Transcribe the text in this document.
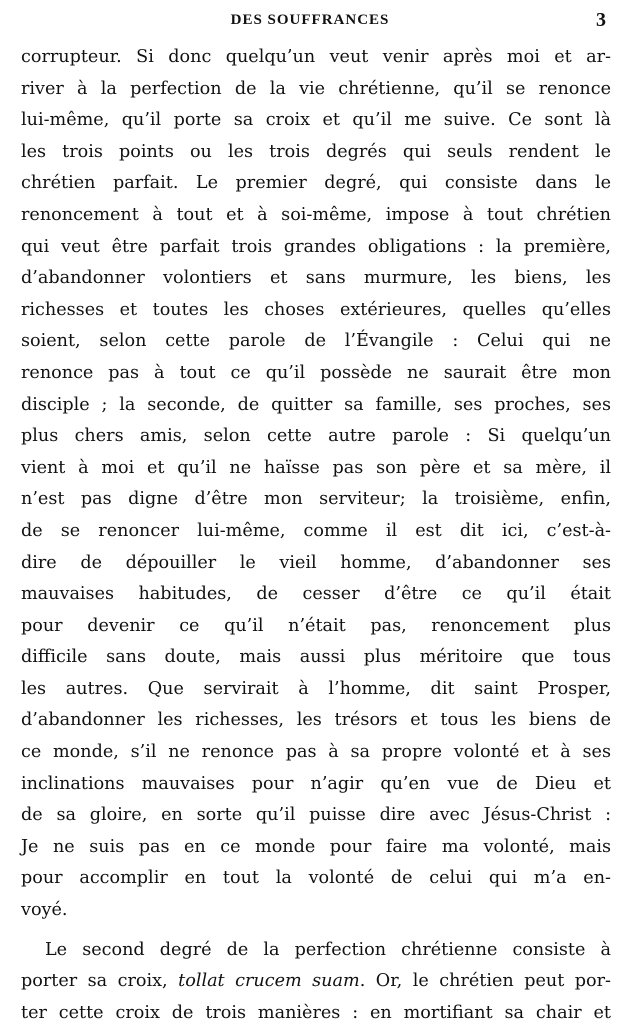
DES SOUFFRANCES	3
corrupteur. Si donc quelqu’un veut venir après moi et ar-
river à la perfection de la vie chrétienne, qu’il se renonce
lui-même, qu’il porte sa croix et qu’il me suive. Ce sont là
les trois points ou les trois degrés qui seuls rendent le
chrétien parfait. Le premier degré, qui consiste dans le
renoncement à tout et à soi-même, impose à tout chrétien
qui veut être parfait trois grandes obligations : la première,
d’abandonner volontiers et sans murmure, les biens, les
richesses et toutes les choses extérieures, quelles qu’elles
soient, selon cette parole de l’Évangile : Celui qui ne
renonce pas à tout ce qu’il possède ne saurait être mon
disciple ; la seconde, de quitter sa famille, ses proches, ses
plus chers amis, selon cette autre parole : Si quelqu’un
vient à moi et qu’il ne haïsse pas son père et sa mère, il
n’est pas digne d’être mon serviteur; la troisième, enfin,
de se renoncer lui-même, comme il est dit ici, c’est-à-
dire de dépouiller le vieil homme, d’abandonner ses
mauvaises habitudes, de cesser d’être ce qu’il était
pour devenir ce qu’il n’était pas, renoncement plus
difficile sans doute, mais aussi plus méritoire que tous
les autres. Que servirait à l’homme, dit saint Prosper,
d’abandonner les richesses, les trésors et tous les biens de
ce monde, s’il ne renonce pas à sa propre volonté et à ses
inclinations mauvaises pour n’agir qu’en vue de Dieu et
de sa gloire, en sorte qu’il puisse dire avec Jésus-Christ :
Je ne suis pas en ce monde pour faire ma volonté, mais
pour accomplir en tout la volonté de celui qui m’a en-
voyé.
Le second degré de la perfection chrétienne consiste à
porter sa croix, tollat crucem suam. Or, le chrétien peut por-
ter cette croix de trois manières : en mortifiant sa chair et
